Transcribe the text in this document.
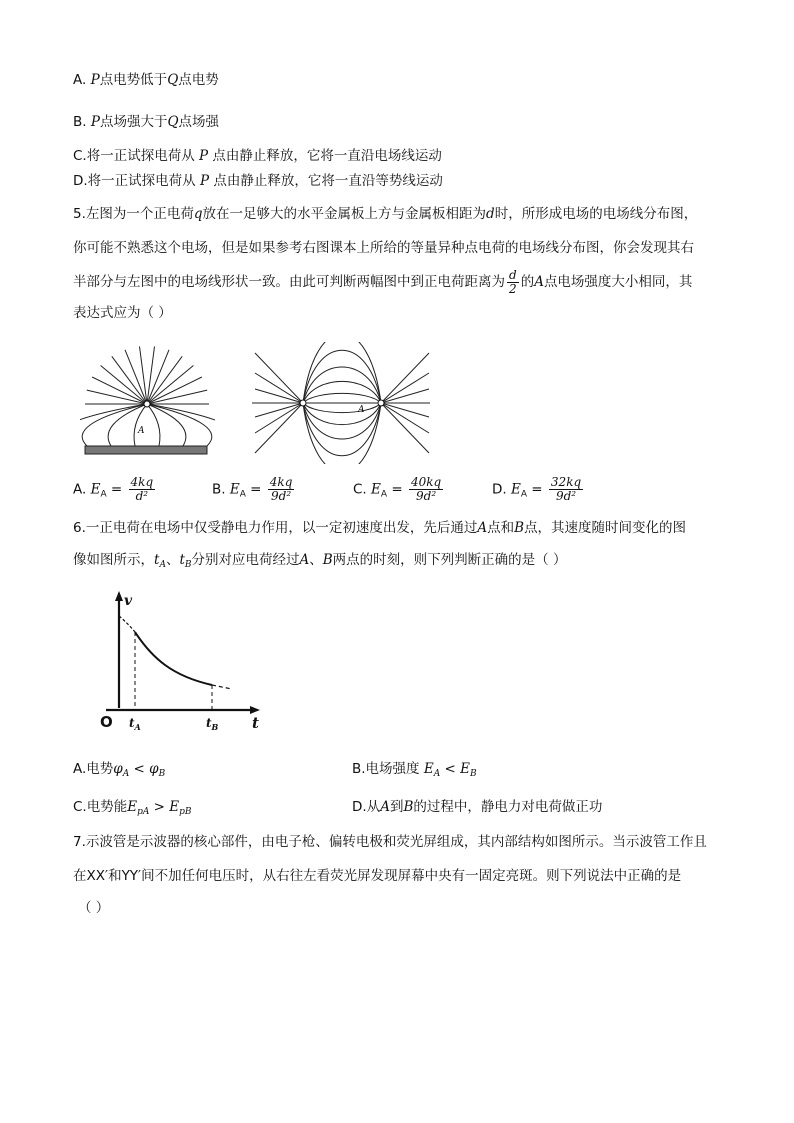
A. P点电势低于Q点电势
B. P点场强大于Q点场强
C.将一正试探电荷从 P 点由静止释放，它将一直沿电场线运动
D.将一正试探电荷从 P 点由静止释放，它将一直沿等势线运动
5.左图为一个正电荷q放在一足够大的水平金属板上方与金属板相距为d时，所形成电场的电场线分布图，
你可能不熟悉这个电场，但是如果参考右图课本上所给的等量异种点电荷的电场线分布图，你会发现其右
半部分与左图中的电场线形状一致。由此可判断两幅图中到正电荷距离为 $\frac{d}{2}$ 的A点电场强度大小相同，其
表达式应为（ ）
A
A
A. $E_A = \frac{4kq}{\text{d²}}$	B. $E_A = \frac{4kq}{\text{9d²}}$	C. $E_A = \frac{40kq}{\text{9d²}}$	D. $E_A = \frac{32kq}{\text{9d²}}$
6.一正电荷在电场中仅受静电力作用，以一定初速度出发，先后通过A点和B点，其速度随时间变化的图
像如图所示，$t_A$、$t_B$分别对应电荷经过A、B两点的时刻，则下列判断正确的是（ ）
v
O	t
$t_A$	$t_B$
A.电势$\varphi_A < \varphi_B$	B.电场强度 $E_A < E_B$
C.电势能$E_{pA} > E_{pB}$	D.从A到B的过程中，静电力对电荷做正功
7.示波管是示波器的核心部件，由电子枪、偏转电极和荧光屏组成，其内部结构如图所示。当示波管工作且
在XX′和YY′间不加任何电压时，从右往左看荧光屏发现屏幕中央有一固定亮斑。则下列说法中正确的是
（ ）
